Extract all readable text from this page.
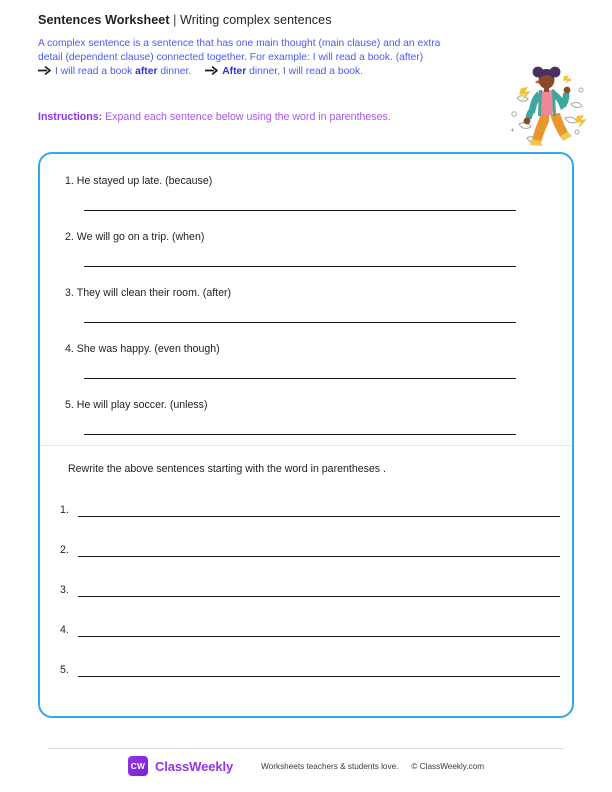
Sentences Worksheet | Writing complex sentences
A complex sentence is a sentence that has one main thought (main clause) and an extra
detail (dependent clause) connected together. For example: I will read a book. (after)
I will read a book after dinner.	After dinner, I will read a book.
Instructions: Expand each sentence below using the word in parentheses.
1. He stayed up late. (because)
2. We will go on a trip. (when)
3. They will clean their room. (after)
4. She was happy. (even though)
5. He will play soccer. (unless)
Rewrite the above sentences starting with the word in parentheses .
1.
2.
3.
4.
5.
CW ClassWeekly	Worksheets teachers & students love. © ClassWeekly.com
